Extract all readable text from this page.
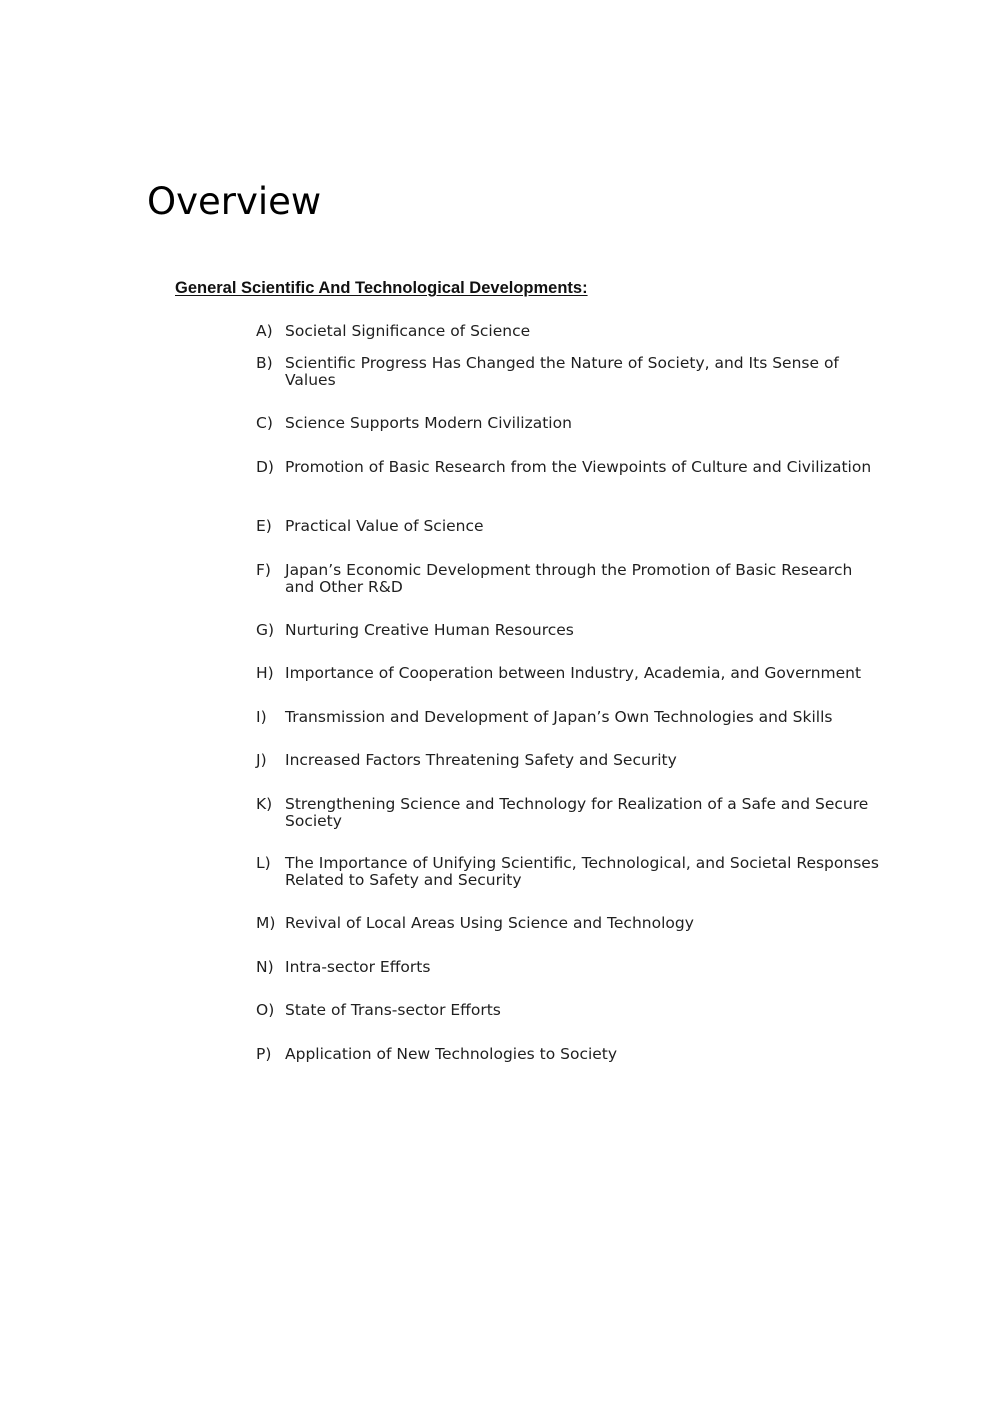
Overview
General Scientific And Technological Developments:
A) Societal Significance of Science
B) Scientific Progress Has Changed the Nature of Society, and Its Sense of Values
C) Science Supports Modern Civilization
D) Promotion of Basic Research from the Viewpoints of Culture and Civilization
E) Practical Value of Science
F) Japan’s Economic Development through the Promotion of Basic Research and Other R&D
G) Nurturing Creative Human Resources
H) Importance of Cooperation between Industry, Academia, and Government
I)	Transmission and Development of Japan’s Own Technologies and Skills
J)	Increased Factors Threatening Safety and Security
K) Strengthening Science and Technology for Realization of a Safe and Secure Society
L) The Importance of Unifying Scientific, Technological, and Societal Responses Related to Safety and Security
M) Revival of Local Areas Using Science and Technology
N) Intra-sector Efforts
O) State of Trans-sector Efforts
P) Application of New Technologies to Society
